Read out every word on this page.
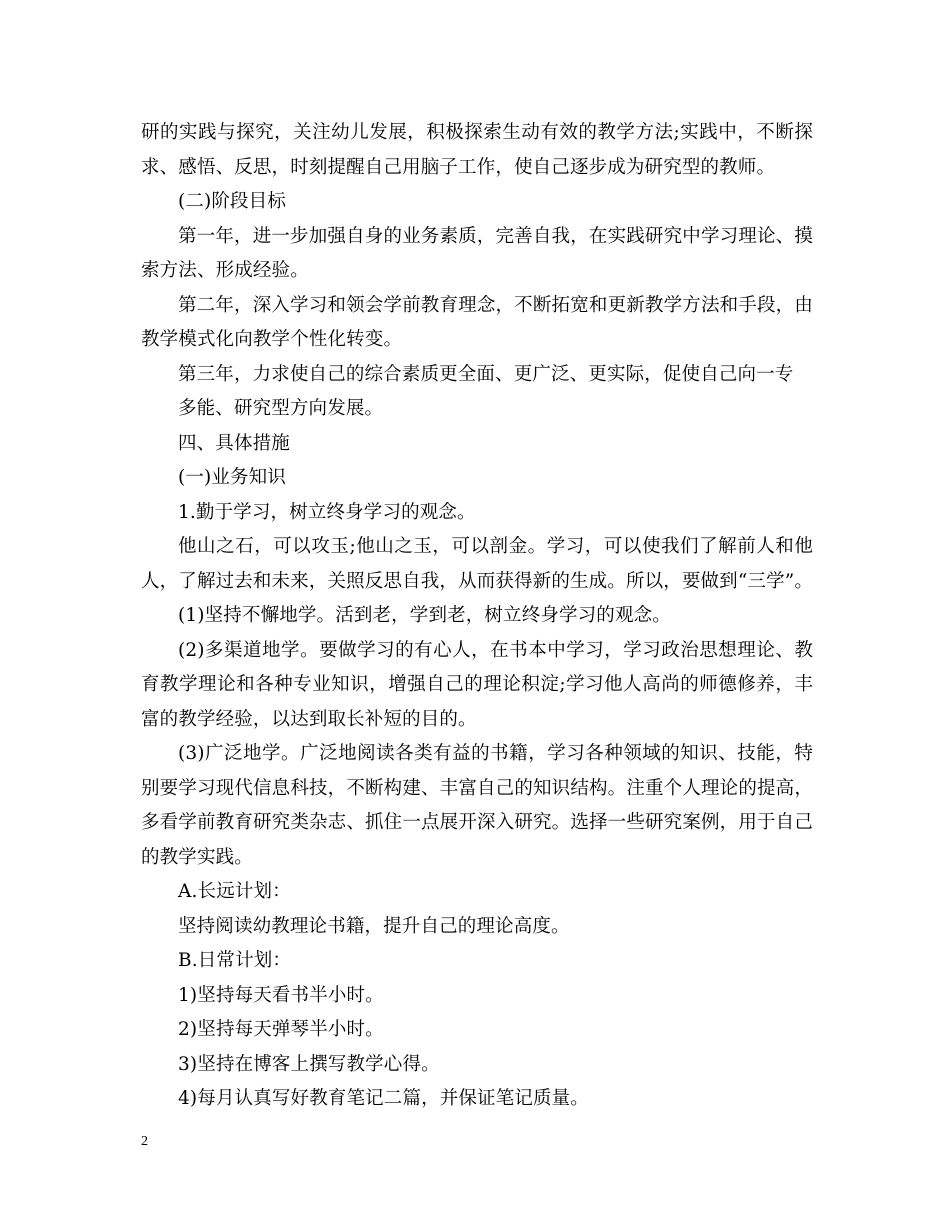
研的实践与探究，关注幼儿发展，积极探索生动有效的教学方法;实践中，不断探
求、感悟、反思，时刻提醒自己用脑子工作，使自己逐步成为研究型的教师。
(二)阶段目标
第一年，进一步加强自身的业务素质，完善自我，在实践研究中学习理论、摸
索方法、形成经验。
第二年，深入学习和领会学前教育理念，不断拓宽和更新教学方法和手段，由
教学模式化向教学个性化转变。
第三年，力求使自己的综合素质更全面、更广泛、更实际，促使自己向一专
多能、研究型方向发展。
四、具体措施
(一)业务知识
1.勤于学习，树立终身学习的观念。
他山之石，可以攻玉;他山之玉，可以剖金。学习，可以使我们了解前人和他
人，了解过去和未来，关照反思自我，从而获得新的生成。所以，要做到“三学”。
(1)坚持不懈地学。活到老，学到老，树立终身学习的观念。
(2)多渠道地学。要做学习的有心人，在书本中学习，学习政治思想理论、教
育教学理论和各种专业知识，增强自己的理论积淀;学习他人高尚的师德修养，丰
富的教学经验，以达到取长补短的目的。
(3)广泛地学。广泛地阅读各类有益的书籍，学习各种领域的知识、技能，特
别要学习现代信息科技，不断构建、丰富自己的知识结构。注重个人理论的提高，
多看学前教育研究类杂志、抓住一点展开深入研究。选择一些研究案例，用于自己
的教学实践。
A.长远计划：
坚持阅读幼教理论书籍，提升自己的理论高度。
B.日常计划：
1)坚持每天看书半小时。
2)坚持每天弹琴半小时。
3)坚持在博客上撰写教学心得。
4)每月认真写好教育笔记二篇，并保证笔记质量。
2
